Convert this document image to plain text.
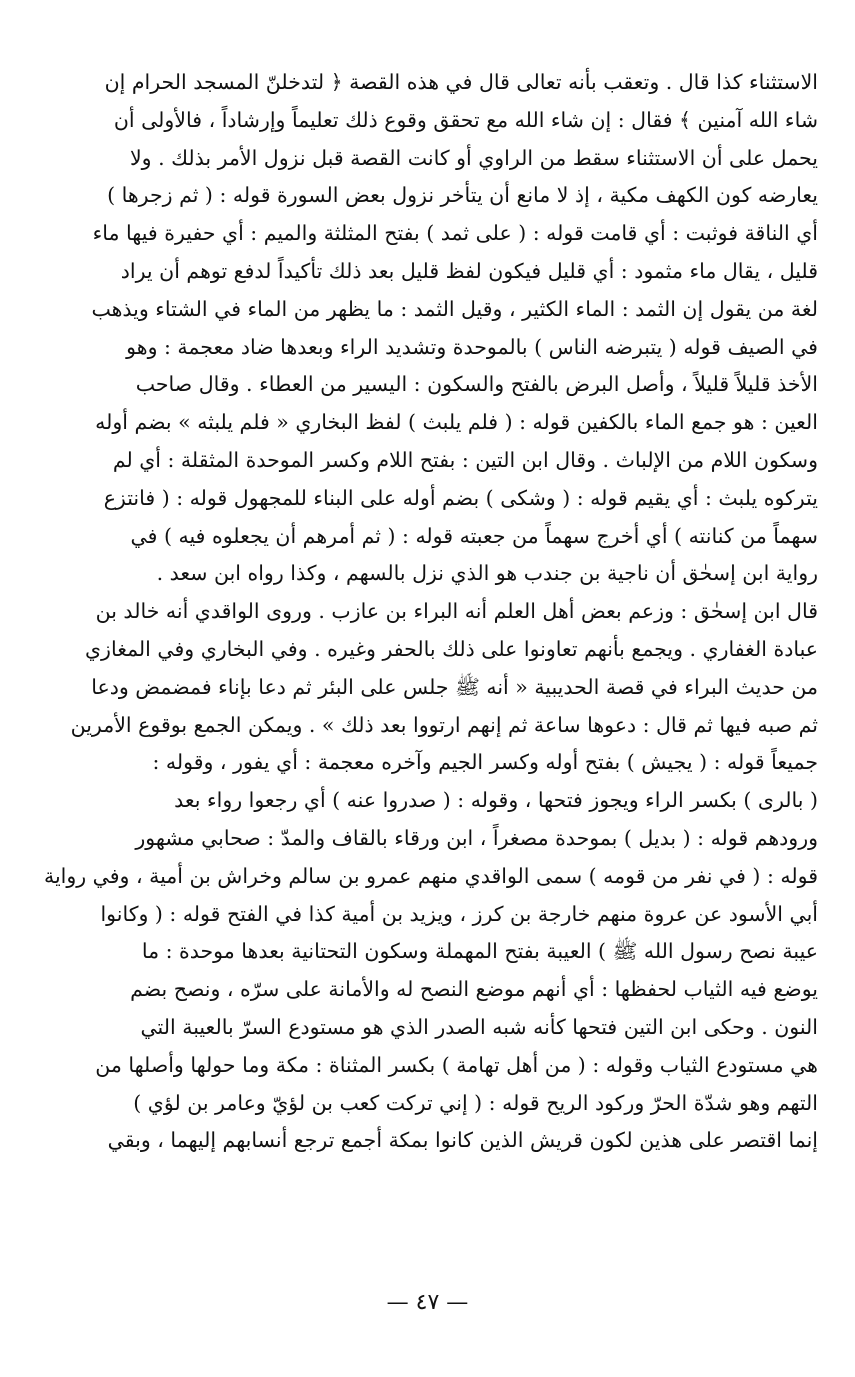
الاستثناء كذا قال . وتعقب بأنه تعالى قال في هذه القصة ﴿ لتدخلنّ المسجد الحرام إن
شاء الله آمنين ﴾ فقال : إن شاء الله مع تحقق وقوع ذلك تعليماً وإرشاداً ، فالأولى أن
يحمل على أن الاستثناء سقط من الراوي أو كانت القصة قبل نزول الأمر بذلك . ولا
يعارضه كون الكهف مكية ، إذ لا مانع أن يتأخر نزول بعض السورة قوله : ( ثم زجرها )
أي الناقة فوثبت : أي قامت قوله : ( على ثمد ) بفتح المثلثة والميم : أي حفيرة فيها ماء
قليل ، يقال ماء مثمود : أي قليل فيكون لفظ قليل بعد ذلك تأكيداً لدفع توهم أن يراد
لغة من يقول إن الثمد : الماء الكثير ، وقيل الثمد : ما يظهر من الماء في الشتاء ويذهب
في الصيف قوله ( يتبرضه الناس ) بالموحدة وتشديد الراء وبعدها ضاد معجمة : وهو
الأخذ قليلاً قليلاً ، وأصل البرض بالفتح والسكون : اليسير من العطاء . وقال صاحب
العين : هو جمع الماء بالكفين قوله : ( فلم يلبث ) لفظ البخاري « فلم يلبثه » بضم أوله
وسكون اللام من الإلباث . وقال ابن التين : بفتح اللام وكسر الموحدة المثقلة : أي لم
يتركوه يلبث : أي يقيم قوله : ( وشكى ) بضم أوله على البناء للمجهول قوله : ( فانتزع
سهماً من كنانته ) أي أخرج سهماً من جعبته قوله : ( ثم أمرهم أن يجعلوه فيه ) في
رواية ابن إسحٰق أن ناجية بن جندب هو الذي نزل بالسهم ، وكذا رواه ابن سعد .
قال ابن إسحٰق : وزعم بعض أهل العلم أنه البراء بن عازب . وروى الواقدي أنه خالد بن
عبادة الغفاري . ويجمع بأنهم تعاونوا على ذلك بالحفر وغيره . وفي البخاري وفي المغازي
من حديث البراء في قصة الحديبية « أنه ﷺ جلس على البئر ثم دعا بإناء فمضمض ودعا
ثم صبه فيها ثم قال : دعوها ساعة ثم إنهم ارتووا بعد ذلك » . ويمكن الجمع بوقوع الأمرين
جميعاً قوله : ( يجيش ) بفتح أوله وكسر الجيم وآخره معجمة : أي يفور ، وقوله :
( بالرى ) بكسر الراء ويجوز فتحها ، وقوله : ( صدروا عنه ) أي رجعوا رواء بعد
ورودهم قوله : ( بديل ) بموحدة مصغراً ، ابن ورقاء بالقاف والمدّ : صحابي مشهور
قوله : ( في نفر من قومه ) سمى الواقدي منهم عمرو بن سالم وخراش بن أمية ، وفي رواية
أبي الأسود عن عروة منهم خارجة بن كرز ، ويزيد بن أمية كذا في الفتح قوله : ( وكانوا
عيبة نصح رسول الله ﷺ ) العيبة بفتح المهملة وسكون التحتانية بعدها موحدة : ما
يوضع فيه الثياب لحفظها : أي أنهم موضع النصح له والأمانة على سرّه ، ونصح بضم
النون . وحكى ابن التين فتحها كأنه شبه الصدر الذي هو مستودع السرّ بالعيبة التي
هي مستودع الثياب وقوله : ( من أهل تهامة ) بكسر المثناة : مكة وما حولها وأصلها من
التهم وهو شدّة الحرّ وركود الريح قوله : ( إني تركت كعب بن لؤيّ وعامر بن لؤي )
إنما اقتصر على هذين لكون قريش الذين كانوا بمكة أجمع ترجع أنسابهم إليهما ، وبقي
— ٤٧ —
